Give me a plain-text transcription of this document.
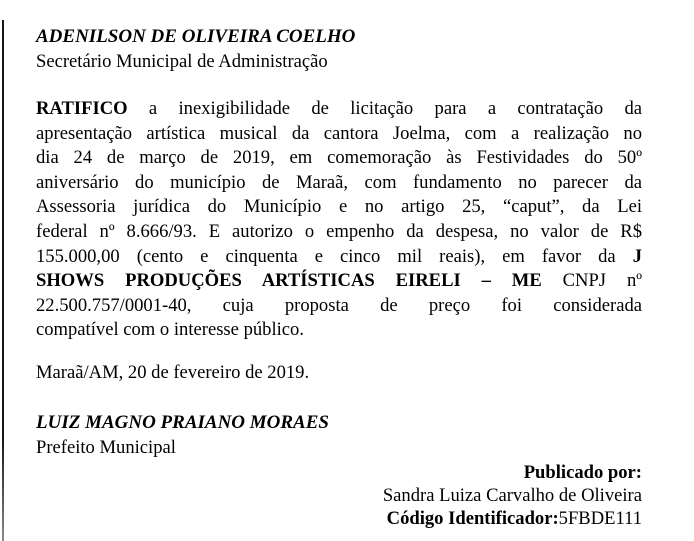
ADENILSON DE OLIVEIRA COELHO
Secretário Municipal de Administração
RATIFICO a inexigibilidade de licitação para a contratação da
apresentação artística musical da cantora Joelma, com a realização no
dia 24 de março de 2019, em comemoração às Festividades do 50º
aniversário do município de Maraã, com fundamento no parecer da
Assessoria jurídica do Município e no artigo 25, “caput”, da Lei
federal nº 8.666/93. E autorizo o empenho da despesa, no valor de R$
155.000,00 (cento e cinquenta e cinco mil reais), em favor da J
SHOWS PRODUÇÕES ARTÍSTICAS EIRELI – ME CNPJ nº
22.500.757/0001-40, cuja proposta de preço foi considerada
compatível com o interesse público.
Maraã/AM, 20 de fevereiro de 2019.
LUIZ MAGNO PRAIANO MORAES
Prefeito Municipal
Publicado por:
Sandra Luiza Carvalho de Oliveira
Código Identificador:5FBDE111
